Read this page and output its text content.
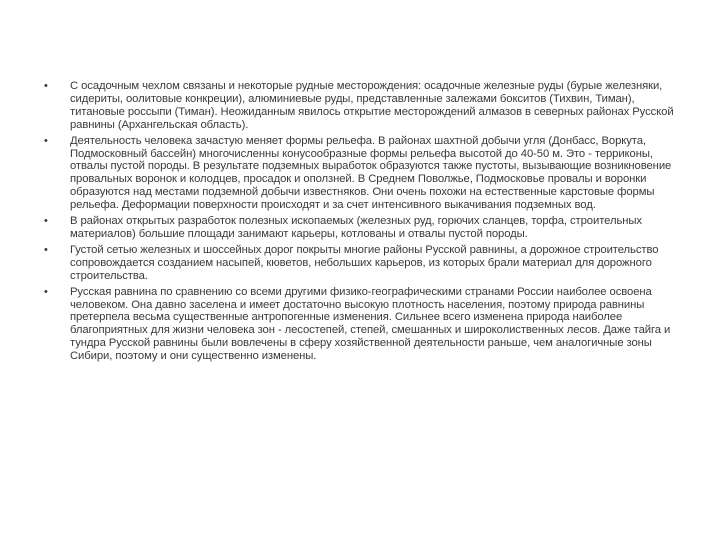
•	С осадочным чехлом связаны и некоторые рудные месторождения: осадочные железные руды (бурые железняки, сидериты, оолитовые конкреции), алюминиевые руды, представленные залежами бокситов (Тихвин, Тиман), титановые россыпи (Тиман). Неожиданным явилось открытие месторождений алмазов в северных районах Русской равнины (Архангельская область).
•	Деятельность человека зачастую меняет формы рельефа. В районах шахтной добычи угля (Донбасс, Воркута, Подмосковный бассейн) многочисленны конусообразные формы рельефа высотой до 40-50 м. Это - терриконы, отвалы пустой породы. В результате подземных выработок образуются также пустоты, вызывающие возникновение провальных воронок и колодцев, просадок и оползней. В Среднем Поволжье, Подмосковье провалы и воронки образуются над местами подземной добычи известняков. Они очень похожи на естественные карстовые формы рельефа. Деформации поверхности происходят и за счет интенсивного выкачивания подземных вод.
•	В районах открытых разработок полезных ископаемых (железных руд, горючих сланцев, торфа, строительных материалов) большие площади занимают карьеры, котлованы и отвалы пустой породы.
•	Густой сетью железных и шоссейных дорог покрыты многие районы Русской равнины, а дорожное строительство сопровождается созданием насыпей, кюветов, небольших карьеров, из которых брали материал для дорожного строительства.
•	Русская равнина по сравнению со всеми другими физико-географическими странами России наиболее освоена человеком. Она давно заселена и имеет достаточно высокую плотность населения, поэтому природа равнины претерпела весьма существенные антропогенные изменения. Сильнее всего изменена природа наиболее благоприятных для жизни человека зон - лесостепей, степей, смешанных и широколиственных лесов. Даже тайга и тундра Русской равнины были вовлечены в сферу хозяйственной деятельности раньше, чем аналогичные зоны Сибири, поэтому и они существенно изменены.
